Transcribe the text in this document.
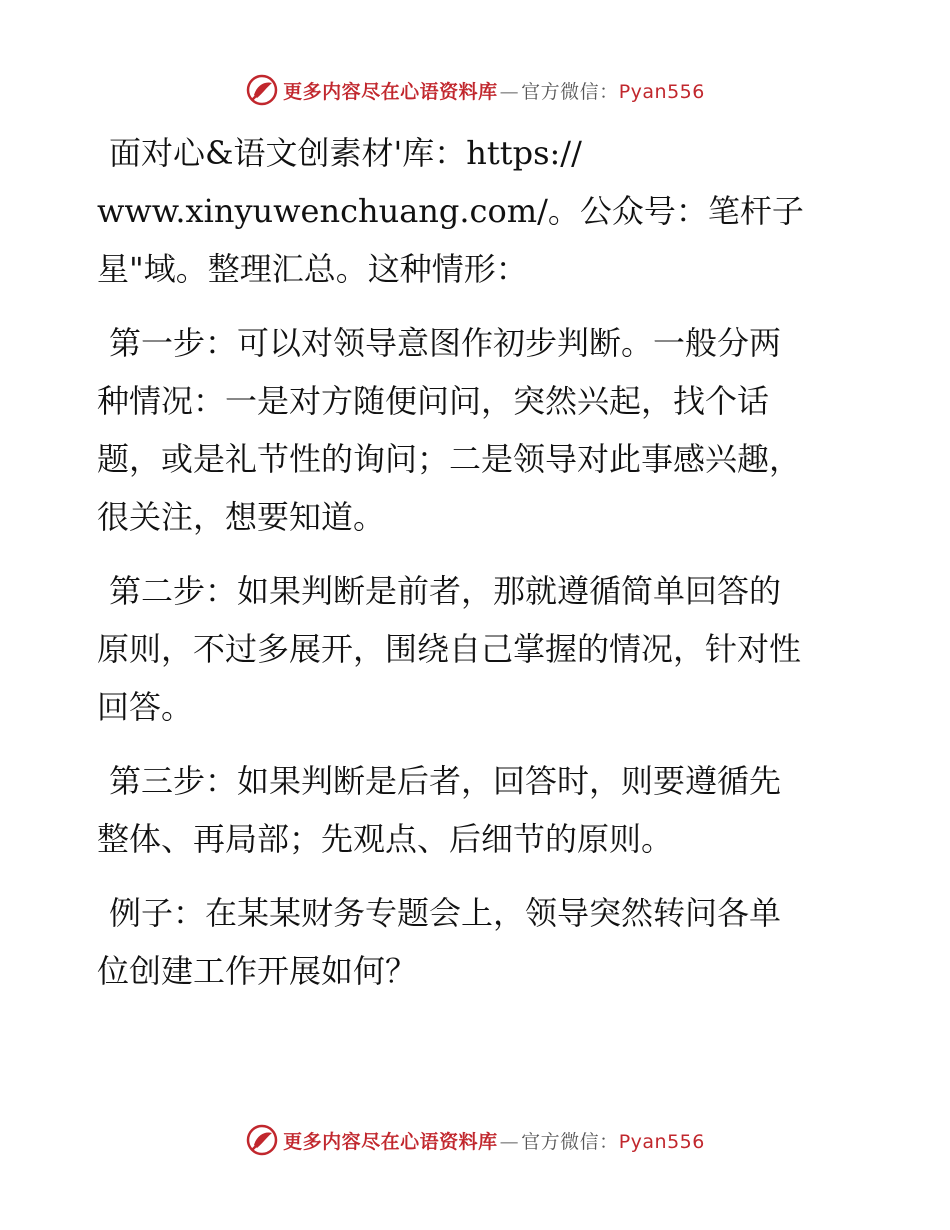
更多内容尽在心语资料库 — 官方微信：Pyan556

面对心&语文创素材'库：https://
www.xinyuwenchuang.com/。公众号：笔杆子
星"域。整理汇总。这种情形：

第一步：可以对领导意图作初步判断。一般分两
种情况：一是对方随便问问，突然兴起，找个话
题，或是礼节性的询问；二是领导对此事感兴趣，
很关注，想要知道。

第二步：如果判断是前者，那就遵循简单回答的
原则，不过多展开，围绕自己掌握的情况，针对性
回答。

第三步：如果判断是后者，回答时，则要遵循先
整体、再局部；先观点、后细节的原则。

例子：在某某财务专题会上，领导突然转问各单
位创建工作开展如何？

更多内容尽在心语资料库 — 官方微信：Pyan556
